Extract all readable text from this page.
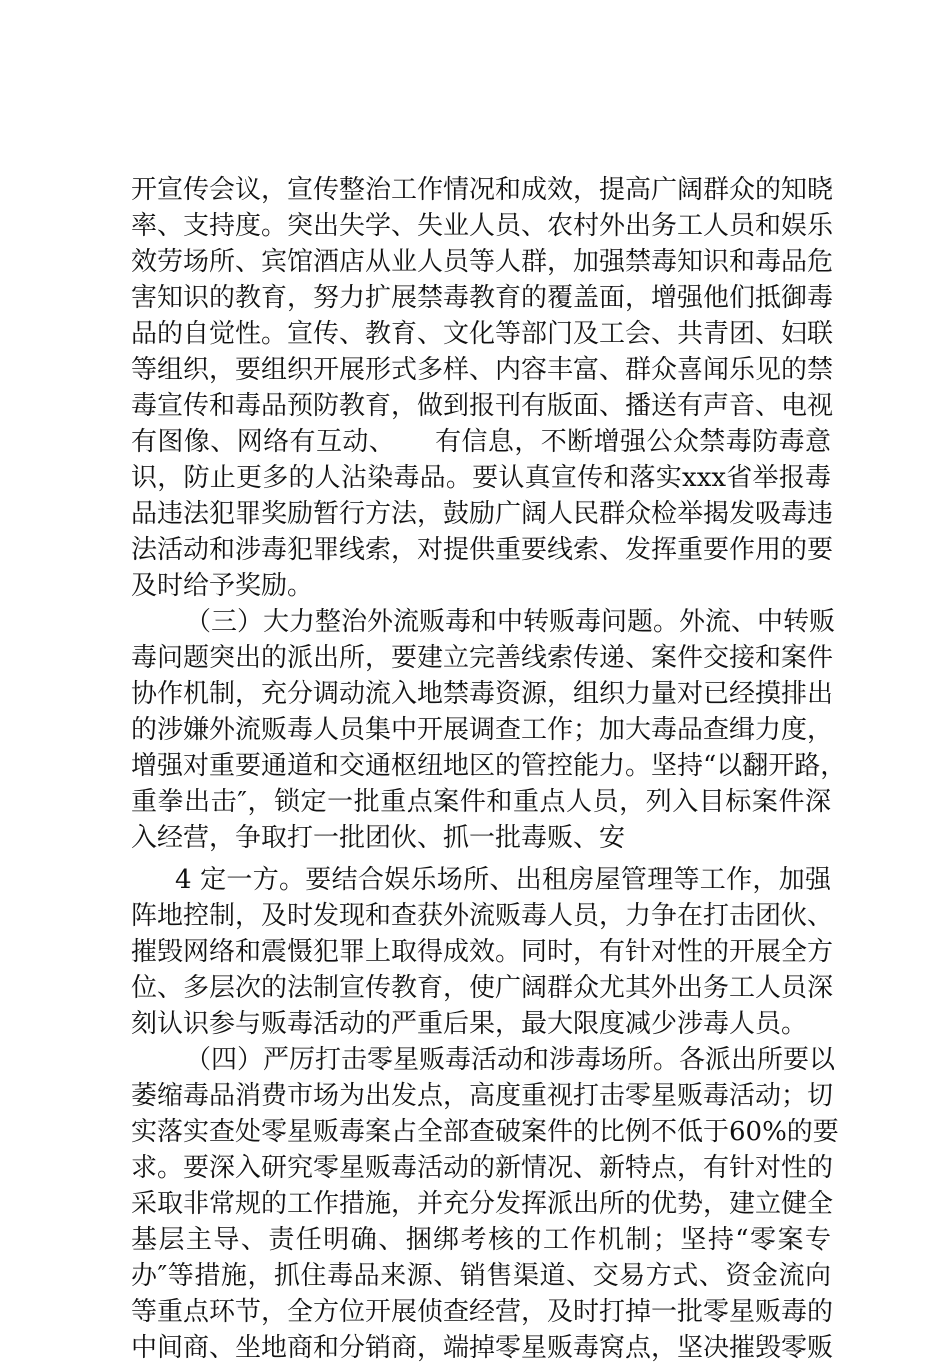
开宣传会议，宣传整治工作情况和成效，提高广阔群众的知晓
率、支持度。突出失学、失业人员、农村外出务工人员和娱乐
效劳场所、宾馆酒店从业人员等人群，加强禁毒知识和毒品危
害知识的教育，努力扩展禁毒教育的覆盖面，增强他们抵御毒
品的自觉性。宣传、教育、文化等部门及工会、共青团、妇联
等组织，要组织开展形式多样、内容丰富、群众喜闻乐见的禁
毒宣传和毒品预防教育，做到报刊有版面、播送有声音、电视
有图像、网络有互动、　　有信息，不断增强公众禁毒防毒意
识，防止更多的人沾染毒品。要认真宣传和落实xxx省举报毒
品违法犯罪奖励暂行方法，鼓励广阔人民群众检举揭发吸毒违
法活动和涉毒犯罪线索，对提供重要线索、发挥重要作用的要
及时给予奖励。
（三）大力整治外流贩毒和中转贩毒问题。外流、中转贩
毒问题突出的派出所，要建立完善线索传递、案件交接和案件
协作机制，充分调动流入地禁毒资源，组织力量对已经摸排出
的涉嫌外流贩毒人员集中开展调查工作；加大毒品查缉力度，
增强对重要通道和交通枢纽地区的管控能力。坚持“以翻开路，
重拳出击″，锁定一批重点案件和重点人员，列入目标案件深
入经营，争取打一批团伙、抓一批毒贩、安
4 定一方。要结合娱乐场所、出租房屋管理等工作，加强
阵地控制，及时发现和查获外流贩毒人员，力争在打击团伙、
摧毁网络和震慑犯罪上取得成效。同时，有针对性的开展全方
位、多层次的法制宣传教育，使广阔群众尤其外出务工人员深
刻认识参与贩毒活动的严重后果，最大限度减少涉毒人员。
（四）严厉打击零星贩毒活动和涉毒场所。各派出所要以
萎缩毒品消费市场为出发点，高度重视打击零星贩毒活动；切
实落实查处零星贩毒案占全部查破案件的比例不低于60%的要
求。要深入研究零星贩毒活动的新情况、新特点，有针对性的
采取非常规的工作措施，并充分发挥派出所的优势，建立健全
基层主导、责任明确、捆绑考核的工作机制；坚持“零案专
办″等措施，抓住毒品来源、销售渠道、交易方式、资金流向
等重点环节，全方位开展侦查经营，及时打掉一批零星贩毒的
中间商、坐地商和分销商，端掉零星贩毒窝点，坚决摧毁零贩
